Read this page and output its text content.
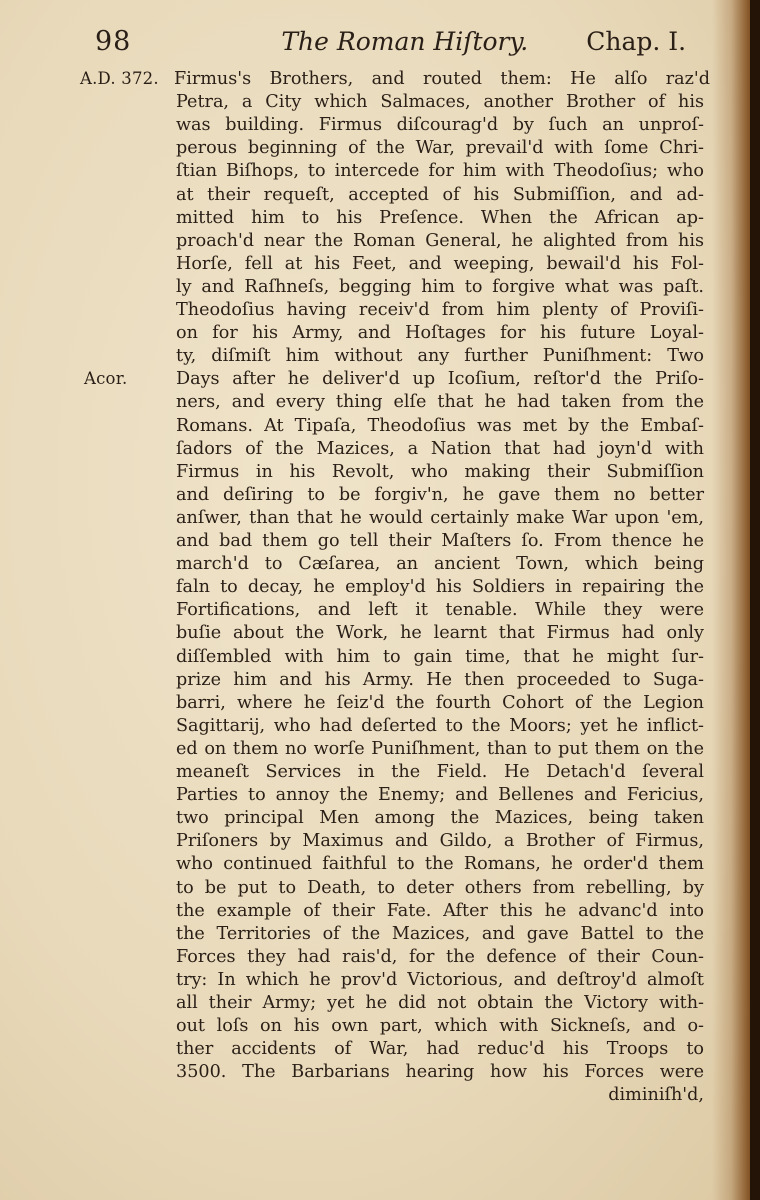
98	The Roman Hiſtory. Chap. I.
A.D. 372.
Acor.
Firmus's Brothers, and routed them: He alſo raz'd
Petra, a City which Salmaces, another Brother of his
was building. Firmus diſcourag'd by ſuch an unproſ-
perous beginning of the War, prevail'd with ſome Chri-
ſtian Biſhops, to intercede for him with Theodoſius; who
at their requeſt, accepted of his Submiſſion, and ad-
mitted him to his Preſence. When the African ap-
proach'd near the Roman General, he alighted from his
Horſe, fell at his Feet, and weeping, bewail'd his Fol-
ly and Raſhneſs, begging him to forgive what was paſt.
Theodoſius having receiv'd from him plenty of Proviſi-
on for his Army, and Hoſtages for his future Loyal-
ty, diſmiſt him without any further Puniſhment: Two
Days after he deliver'd up Icoſium, reſtor'd the Priſo-
ners, and every thing elſe that he had taken from the
Romans. At Tipaſa, Theodoſius was met by the Embaſ-
ſadors of the Mazices, a Nation that had joyn'd with
Firmus in his Revolt, who making their Submiſſion
and deſiring to be forgiv'n, he gave them no better
anſwer, than that he would certainly make War upon 'em,
and bad them go tell their Maſters ſo. From thence he
march'd to Cæſarea, an ancient Town, which being
faln to decay, he employ'd his Soldiers in repairing the
Fortifications, and left it tenable. While they were
buſie about the Work, he learnt that Firmus had only
diſſembled with him to gain time, that he might ſur-
prize him and his Army. He then proceeded to Suga-
barri, where he ſeiz'd the fourth Cohort of the Legion
Sagittarij, who had deſerted to the Moors; yet he inflict-
ed on them no worſe Puniſhment, than to put them on the
meaneſt Services in the Field. He Detach'd ſeveral
Parties to annoy the Enemy; and Bellenes and Fericius,
two principal Men among the Mazices, being taken
Priſoners by Maximus and Gildo, a Brother of Firmus,
who continued faithful to the Romans, he order'd them
to be put to Death, to deter others from rebelling, by
the example of their Fate. After this he advanc'd into
the Territories of the Mazices, and gave Battel to the
Forces they had rais'd, for the defence of their Coun-
try: In which he prov'd Victorious, and deſtroy'd almoſt
all their Army; yet he did not obtain the Victory with-
out loſs on his own part, which with Sickneſs, and o-
ther accidents of War, had reduc'd his Troops to
3500. The Barbarians hearing how his Forces were
diminiſh'd,
